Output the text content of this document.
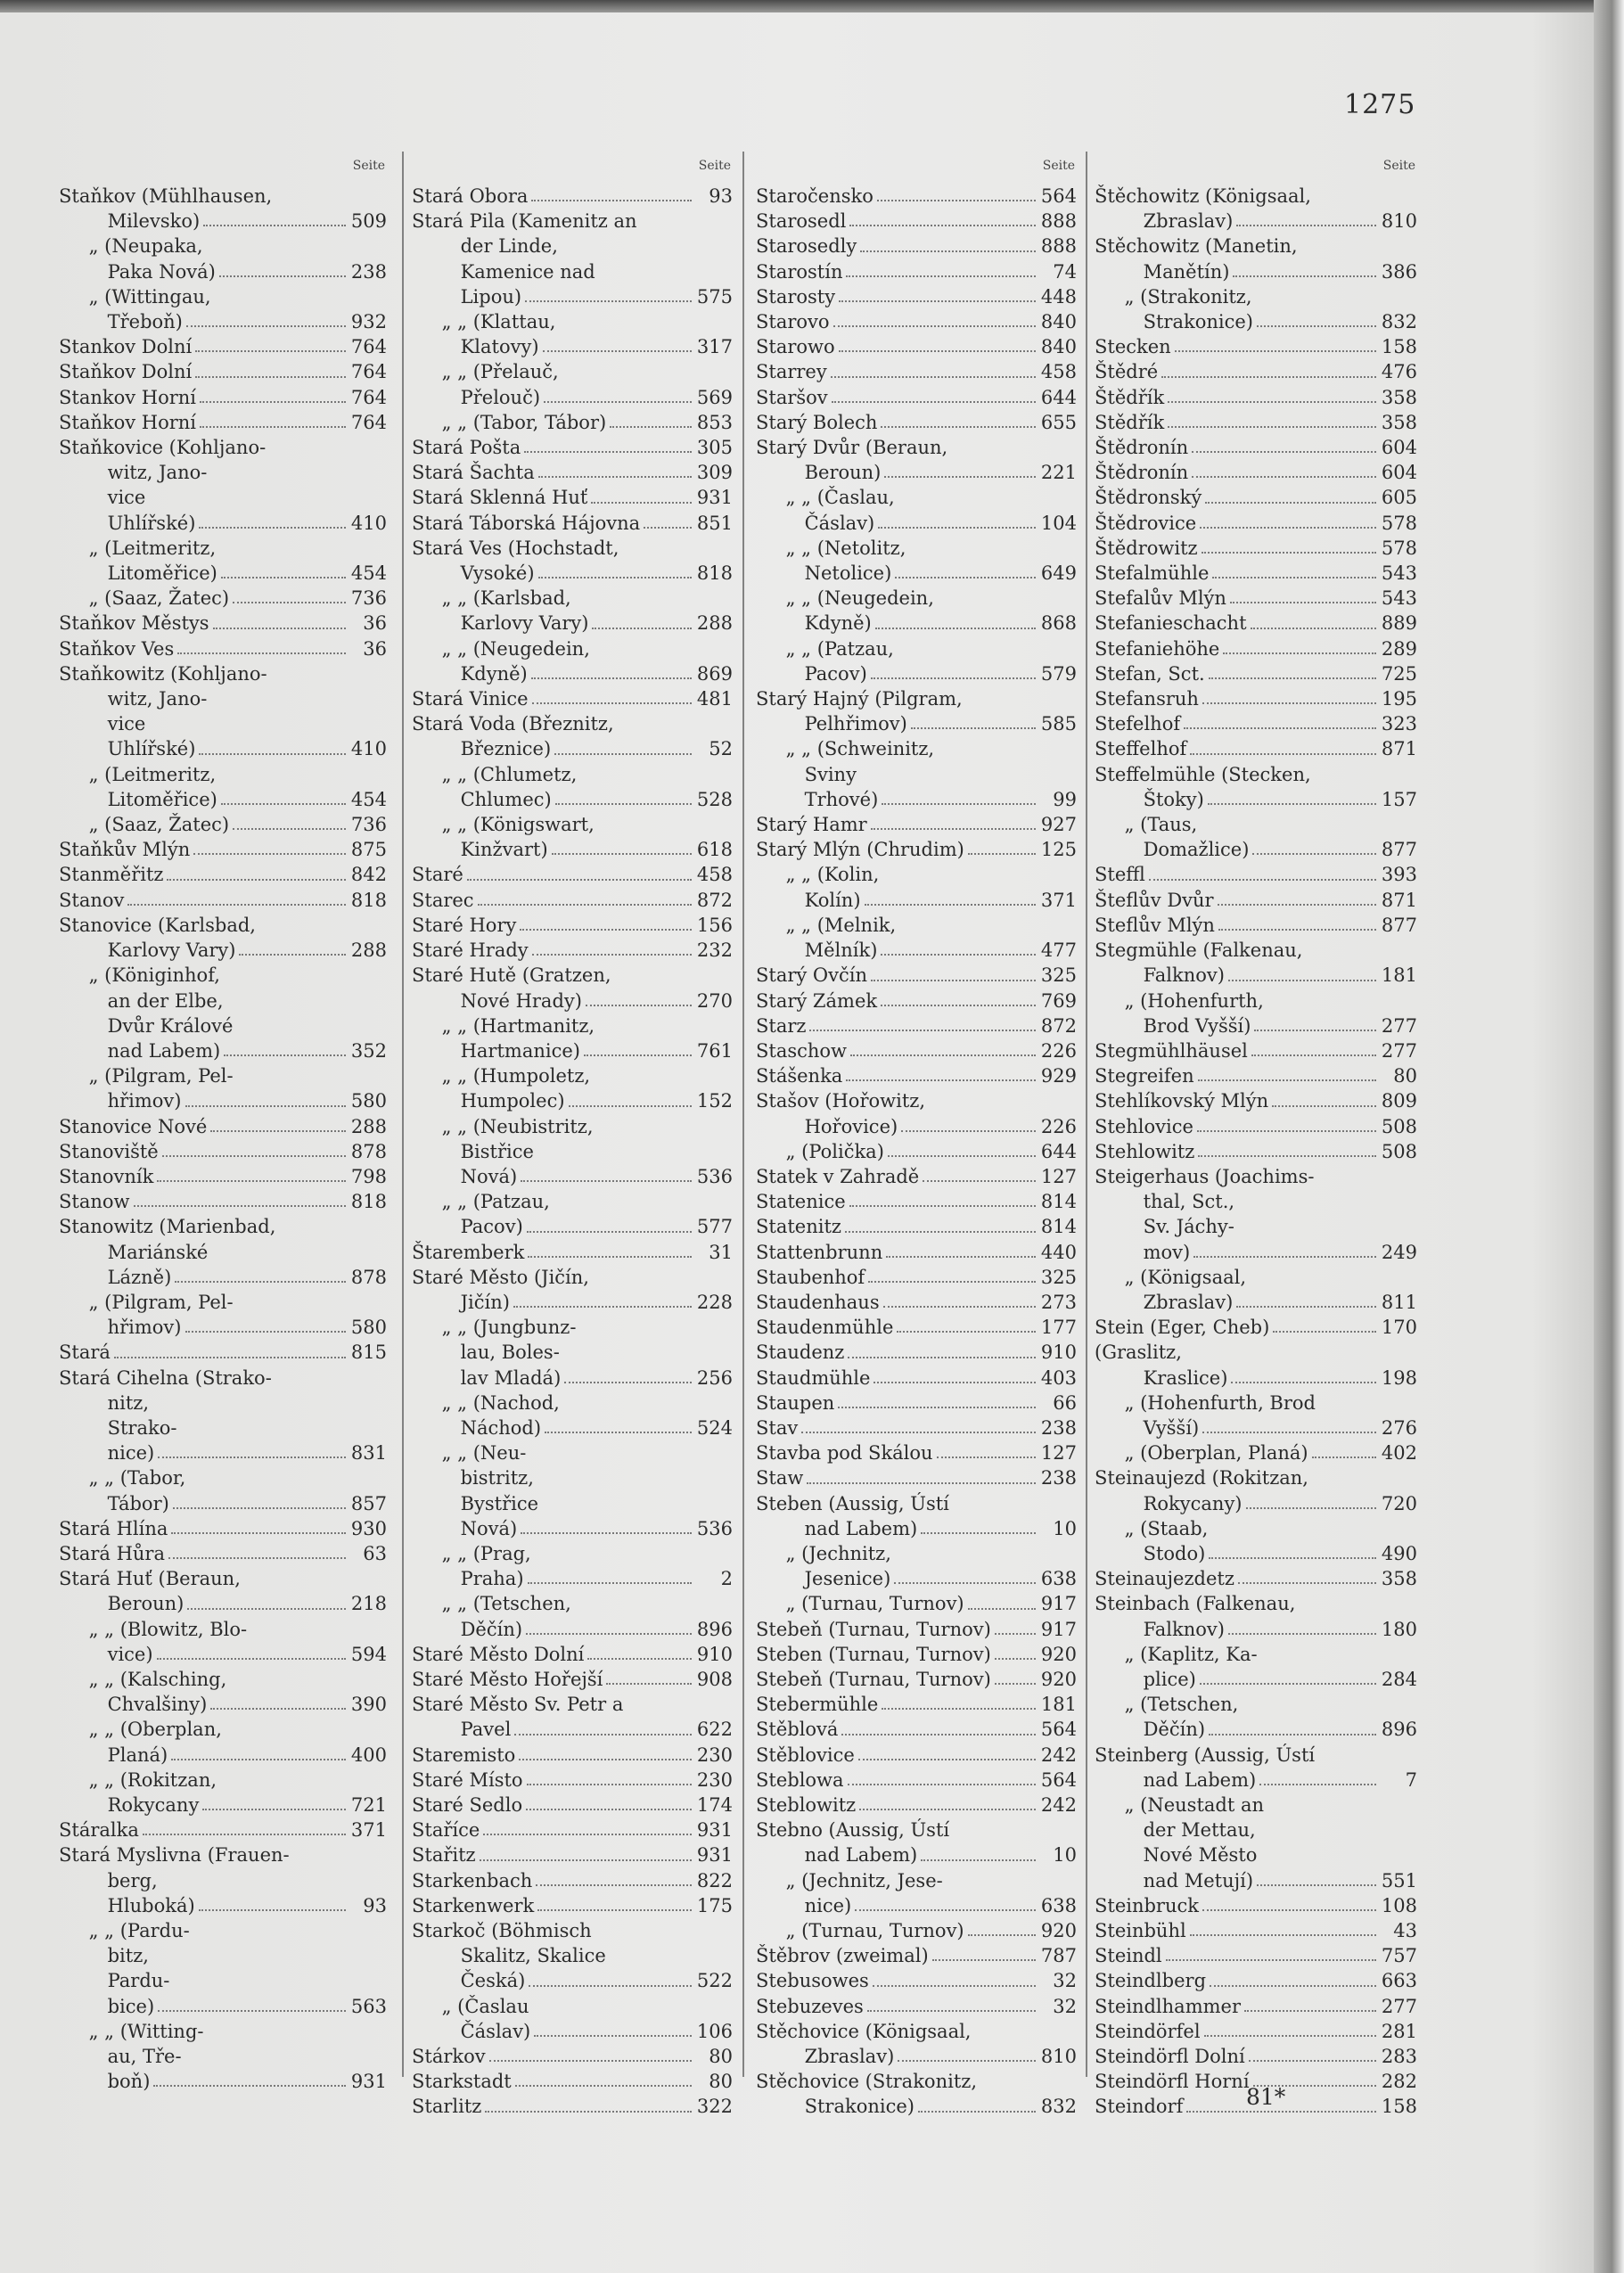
1275
Seite
Staňkov (Mühlhausen,
Milevsko)	509
„ (Neupaka,
Paka Nová)	238
„ (Wittingau,
Třeboň)	932
Stankov Dolní	764
Staňkov Dolní	764
Stankov Horní	764
Staňkov Horní	764
Staňkovice (Kohljano-
witz, Jano-
vice
Uhlířské)	410
„ (Leitmeritz,
Litoměřice)	454
„ (Saaz, Žatec)	736
Staňkov Městys	36
Staňkov Ves	36
Staňkowitz (Kohljano-
witz, Jano-
vice
Uhlířské)	410
„ (Leitmeritz,
Litoměřice)	454
„ (Saaz, Žatec)	736
Staňkův Mlýn	875
Stanměřitz	842
Stanov	818
Stanovice (Karlsbad,
Karlovy Vary)	288
„ (Königinhof,
an der Elbe,
Dvůr Králové
nad Labem)	352
„ (Pilgram, Pel-
hřimov)	580
Stanovice Nové	288
Stanoviště	878
Stanovník	798
Stanow	818
Stanowitz (Marienbad,
Mariánské
Lázně)	878
„ (Pilgram, Pel-
hřimov)	580
Stará	815
Stará Cihelna (Strako-
nitz,
Strako-
nice)	831
„ „ (Tabor,
Tábor)	857
Stará Hlína	930
Stará Hůra	63
Stará Huť (Beraun,
Beroun)	218
„ „ (Blowitz, Blo-
vice)	594
„ „ (Kalsching,
Chvalšiny)	390
„ „ (Oberplan,
Planá)	400
„ „ (Rokitzan,
Rokycany	721
Stáralka	371
Stará Myslivna (Frauen-
berg,
Hluboká)	93
„ „ (Pardu-
bitz,
Pardu-
bice)	563
„ „ (Witting-
au, Tře-
boň)	931
Seite
Stará Obora	93
Stará Pila (Kamenitz an
der Linde,
Kamenice nad
Lipou)	575
„ „ (Klattau,
Klatovy)	317
„ „ (Přelauč,
Přelouč)	569
„ „ (Tabor, Tábor)	853
Stará Pošta	305
Stará Šachta	309
Stará Sklenná Huť	931
Stará Táborská Hájovna	851
Stará Ves (Hochstadt,
Vysoké)	818
„ „ (Karlsbad,
Karlovy Vary)	288
„ „ (Neugedein,
Kdyně)	869
Stará Vinice	481
Stará Voda (Březnitz,
Březnice)	52
„ „ (Chlumetz,
Chlumec)	528
„ „ (Königswart,
Kinžvart)	618
Staré	458
Starec	872
Staré Hory	156
Staré Hrady	232
Staré Hutě (Gratzen,
Nové Hrady)	270
„ „ (Hartmanitz,
Hartmanice)	761
„ „ (Humpoletz,
Humpolec)	152
„ „ (Neubistritz,
Bistřice
Nová)	536
„ „ (Patzau,
Pacov)	577
Štaremberk	31
Staré Město (Jičín,
Jičín)	228
„ „ (Jungbunz-
lau, Boles-
lav Mladá)	256
„ „ (Nachod,
Náchod)	524
„ „ (Neu-
bistritz,
Bystřice
Nová)	536
„ „ (Prag,
Praha)	2
„ „ (Tetschen,
Děčín)	896
Staré Město Dolní	910
Staré Město Hořejší	908
Staré Město Sv. Petr a
Pavel	622
Staremisto	230
Staré Místo	230
Staré Sedlo	174
Staříce	931
Stařitz	931
Starkenbach	822
Starkenwerk	175
Starkoč (Böhmisch
Skalitz, Skalice
Česká)	522
„ (Časlau
Čáslav)	106
Stárkov	80
Starkstadt	80
Starlitz	322
Seite
Staročensko	564
Starosedl	888
Starosedly	888
Starostín	74
Starosty	448
Starovo	840
Starowo	840
Starrey	458
Staršov	644
Starý Bolech	655
Starý Dvůr (Beraun,
Beroun)	221
„ „ (Časlau,
Čáslav)	104
„ „ (Netolitz,
Netolice)	649
„ „ (Neugedein,
Kdyně)	868
„ „ (Patzau,
Pacov)	579
Starý Hajný (Pilgram,
Pelhřimov)	585
„ „ (Schweinitz,
Sviny
Trhové)	99
Starý Hamr	927
Starý Mlýn (Chrudim)	125
„ „ (Kolin,
Kolín)	371
„ „ (Melnik,
Mělník)	477
Starý Ovčín	325
Starý Zámek	769
Starz	872
Staschow	226
Stášenka	929
Stašov (Hořowitz,
Hořovice)	226
„ (Polička)	644
Statek v Zahradě	127
Statenice	814
Statenitz	814
Stattenbrunn	440
Staubenhof	325
Staudenhaus	273
Staudenmühle	177
Staudenz	910
Staudmühle	403
Staupen	66
Stav	238
Stavba pod Skálou	127
Staw	238
Steben (Aussig, Ústí
nad Labem)	10
„ (Jechnitz,
Jesenice)	638
„ (Turnau, Turnov)	917
Stebeň (Turnau, Turnov)	917
Steben (Turnau, Turnov)	920
Stebeň (Turnau, Turnov)	920
Stebermühle	181
Stěblová	564
Stěblovice	242
Steblowa	564
Steblowitz	242
Stebno (Aussig, Ústí
nad Labem)	10
„ (Jechnitz, Jese-
nice)	638
„ (Turnau, Turnov)	920
Štěbrov (zweimal)	787
Stebusowes	32
Stebuzeves	32
Stěchovice (Königsaal,
Zbraslav)	810
Stěchovice (Strakonitz,
Strakonice)	832
Seite
Štěchowitz (Königsaal,
Zbraslav)	810
Stěchowitz (Manetin,
Manětín)	386
„ (Strakonitz,
Strakonice)	832
Stecken	158
Štědré	476
Štědřík	358
Stědřík	358
Štědronín	604
Štědronín	604
Štědronský	605
Štědrovice	578
Štědrowitz	578
Stefalmühle	543
Stefalův Mlýn	543
Stefanieschacht	889
Stefaniehöhe	289
Stefan, Sct.	725
Stefansruh	195
Stefelhof	323
Steffelhof	871
Steffelmühle (Stecken,
Štoky)	157
„ (Taus,
Domažlice)	877
Steffl	393
Šteflův Dvůr	871
Steflův Mlýn	877
Stegmühle (Falkenau,
Falknov)	181
„ (Hohenfurth,
Brod Vyšší)	277
Stegmühlhäusel	277
Stegreifen	80
Stehlíkovský Mlýn	809
Stehlovice	508
Stehlowitz	508
Steigerhaus (Joachims-
thal, Sct.,
Sv. Jáchy-
mov)	249
„ (Königsaal,
Zbraslav)	811
Stein (Eger, Cheb)	170
(Graslitz,
Kraslice)	198
„ (Hohenfurth, Brod
Vyšší)	276
„ (Oberplan, Planá)	402
Steinaujezd (Rokitzan,
Rokycany)	720
„ (Staab,
Stodo)	490
Steinaujezdetz	358
Steinbach (Falkenau,
Falknov)	180
„ (Kaplitz, Ka-
plice)	284
„ (Tetschen,
Děčín)	896
Steinberg (Aussig, Ústí
nad Labem)	7
„ (Neustadt an
der Mettau,
Nové Město
nad Metují)	551
Steinbruck	108
Steinbühl	43
Steindl	757
Steindlberg	663
Steindlhammer	277
Steindörfel	281
Steindörfl Dolní	283
Steindörfl Horní	282
Steindorf	158
81*
